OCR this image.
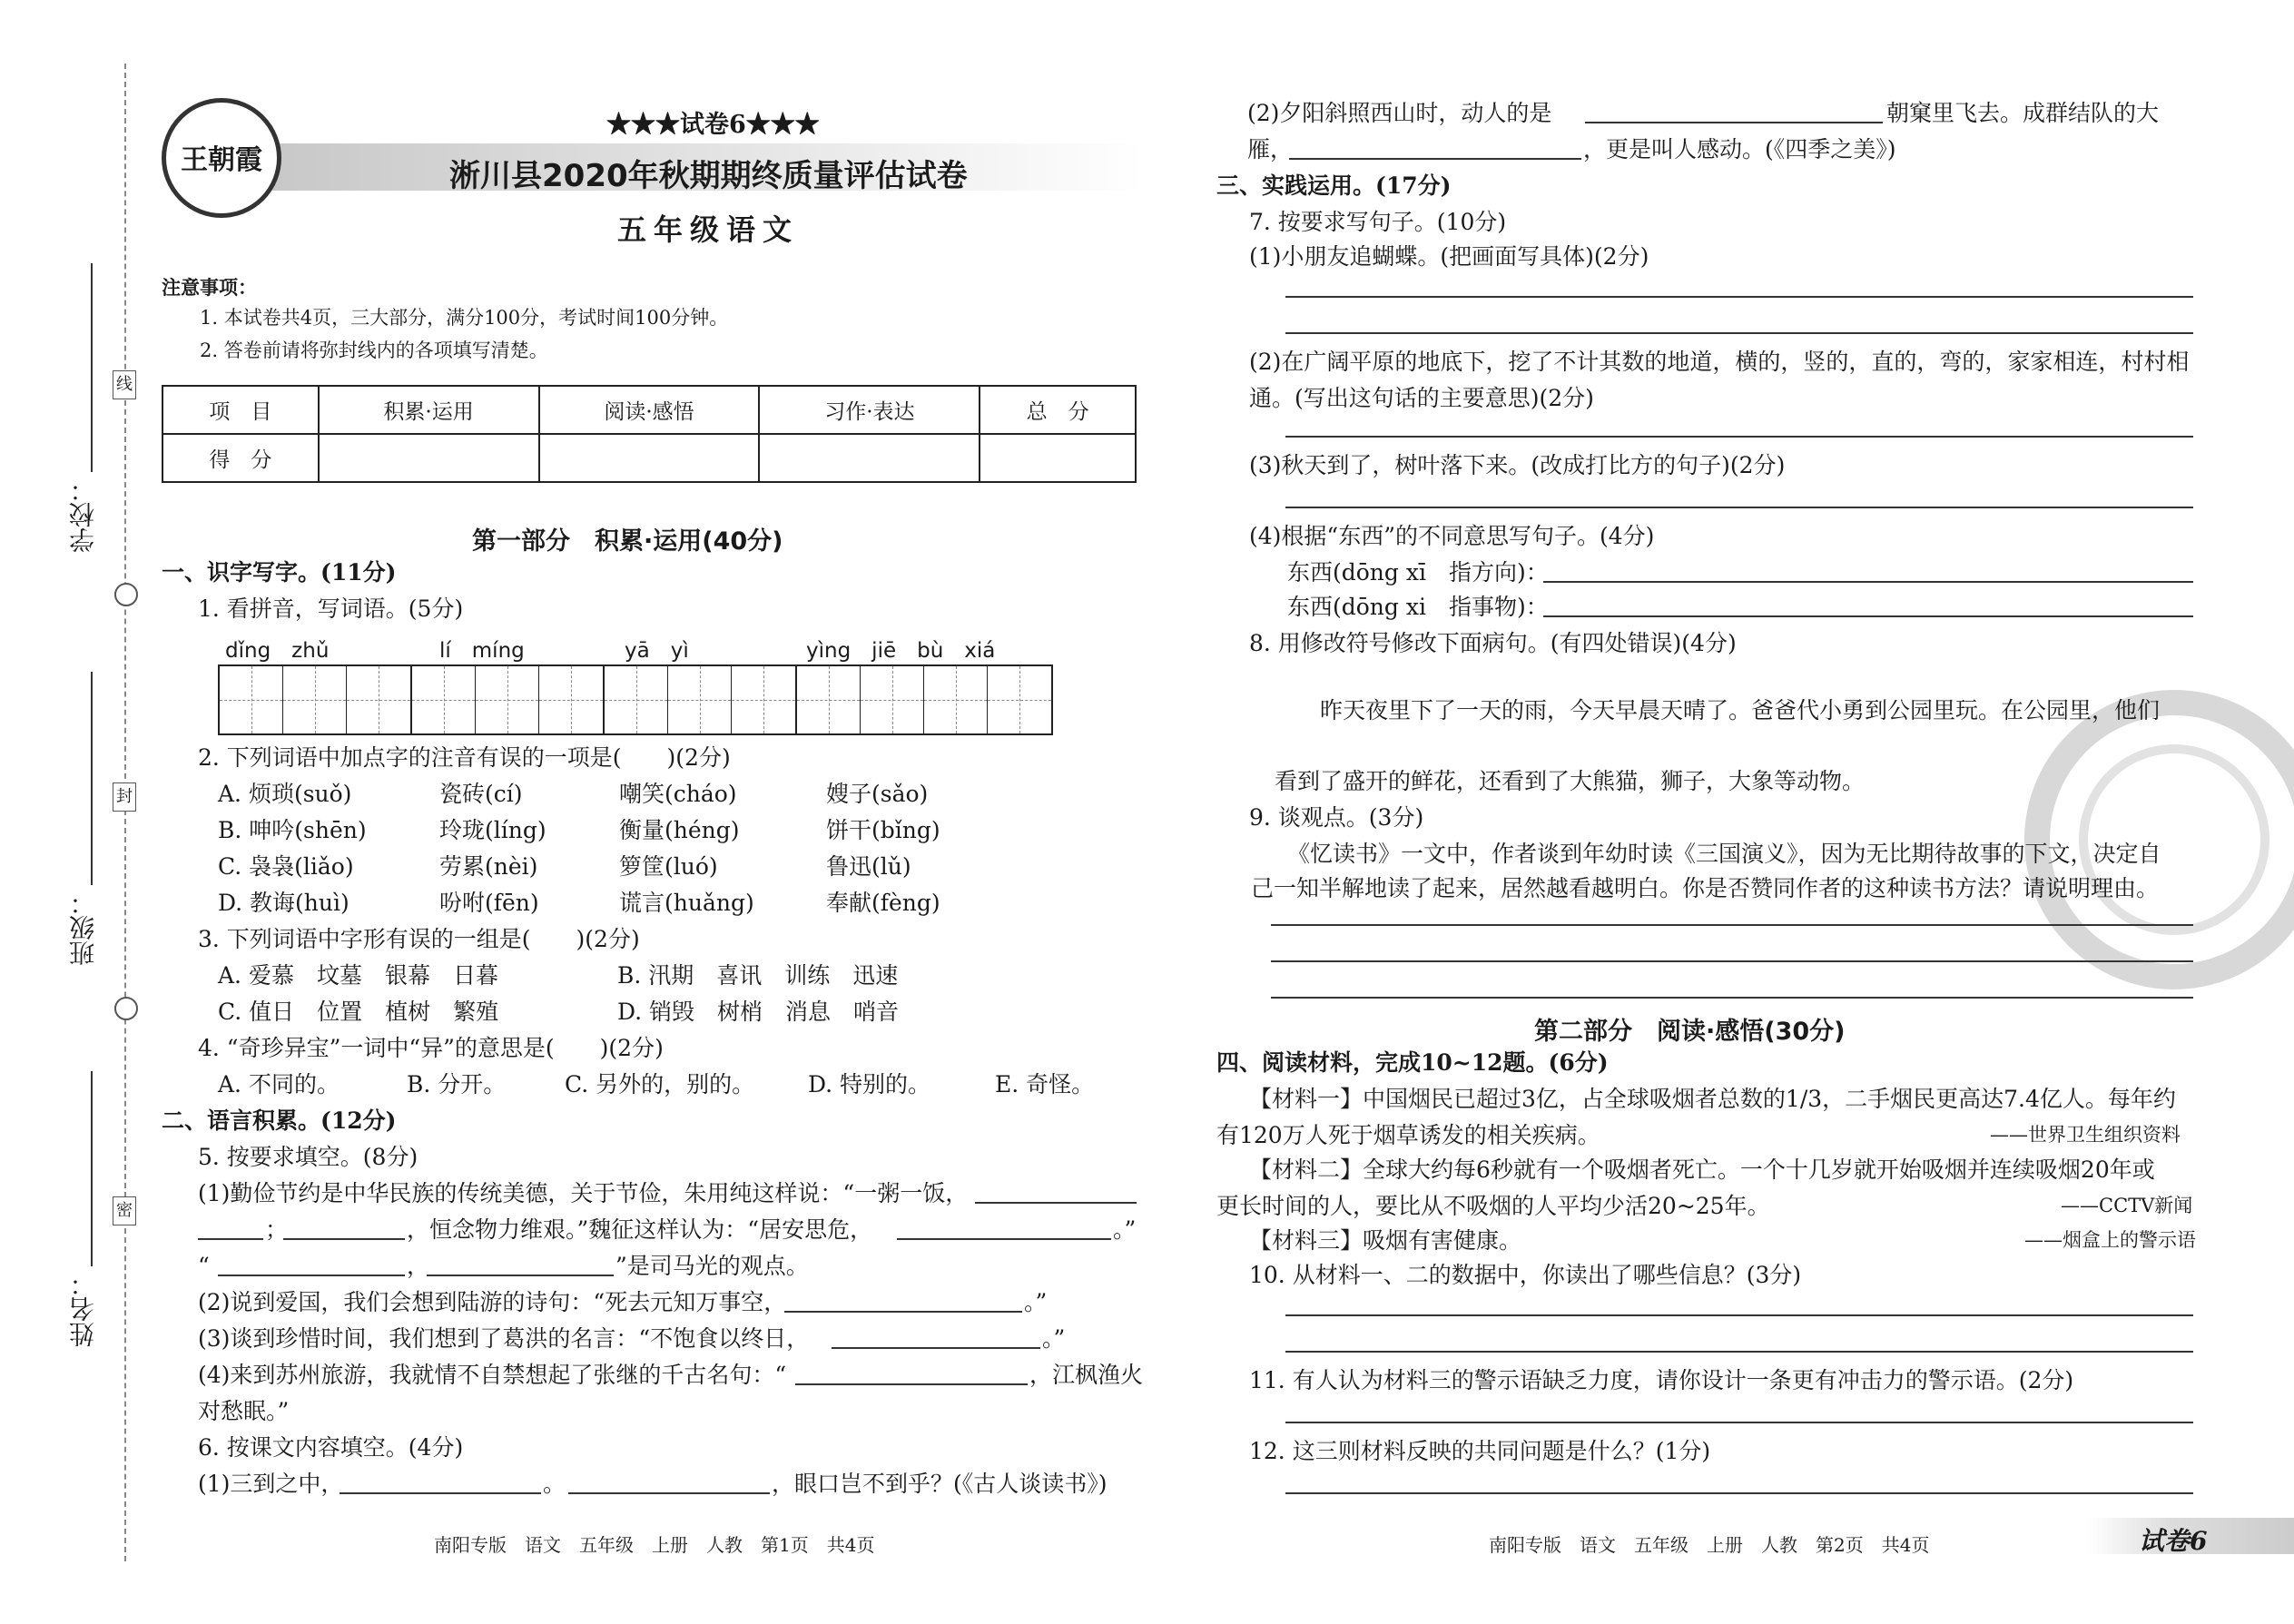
学校：
班级：
姓名：
线
封
密
王朝霞
★★★试卷6★★★
淅川县2020年秋期期终质量评估试卷
五年级语文
注意事项：
1. 本试卷共4页，三大部分，满分100分，考试时间100分钟。
2. 答卷前请将弥封线内的各项填写清楚。
项　目	积累·运用	阅读·感悟	习作·表达	总　分
得　分				
第一部分　积累·运用(40分)
一、识字写字。(11分)
1. 看拼音，写词语。(5分)
dǐng　zhǔ	lí　míng	yā　yì	yìng　jiē　bù　xiá
2. 下列词语中加点字的注音有误的一项是(　　)(2分)
A. 烦琐(suǒ)	瓷砖(cí)	嘲笑(cháo)	嫂子(sǎo)
B. 呻吟(shēn)	玲珑(líng)	衡量(héng)	饼干(bǐng)
C. 袅袅(liǎo)	劳累(nèi)	箩筐(luó)	鲁迅(lǔ)
D. 教诲(huì)	吩咐(fēn)	谎言(huǎng)	奉献(fèng)
3. 下列词语中字形有误的一组是(　　)(2分)
A. 爱慕　坟墓　银幕　日暮	B. 汛期　喜讯　训练　迅速
C. 值日　位置　植树　繁殖	D. 销毁　树梢　消息　哨音
4. “奇珍异宝”一词中“异”的意思是(　　)(2分)
A. 不同的。	B. 分开。	C. 另外的，别的。 D. 特别的。	E. 奇怪。
二、语言积累。(12分)
5. 按要求填空。(8分)
(1)勤俭节约是中华民族的传统美德，关于节俭，朱用纯这样说：“一粥一饭，
；	，恒念物力维艰。”魏征这样认为：“居安思危，	。”
“	，	”是司马光的观点。
(2)说到爱国，我们会想到陆游的诗句：“死去元知万事空，	。”
(3)谈到珍惜时间，我们想到了葛洪的名言：“不饱食以终日，	。”
(4)来到苏州旅游，我就情不自禁想起了张继的千古名句：“	，江枫渔火
对愁眠。”
6. 按课文内容填空。(4分)
(1)三到之中，	。	，眼口岂不到乎？(《古人谈读书》)
南阳专版　语文　五年级　上册　人教　第1页　共4页
(2)夕阳斜照西山时，动人的是	朝窠里飞去。成群结队的大
雁，	，更是叫人感动。(《四季之美》)
三、实践运用。(17分)
7. 按要求写句子。(10分)
(1)小朋友追蝴蝶。(把画面写具体)(2分)
(2)在广阔平原的地底下，挖了不计其数的地道，横的，竖的，直的，弯的，家家相连，村村相
通。(写出这句话的主要意思)(2分)
(3)秋天到了，树叶落下来。(改成打比方的句子)(2分)
(4)根据“东西”的不同意思写句子。(4分)
东西(dōng xī　指方向)：
东西(dōng xi　指事物)：
8. 用修改符号修改下面病句。(有四处错误)(4分)
昨天夜里下了一天的雨，今天早晨天晴了。爸爸代小勇到公园里玩。在公园里，他们
看到了盛开的鲜花，还看到了大熊猫，狮子，大象等动物。
9. 谈观点。(3分)
《忆读书》一文中，作者谈到年幼时读《三国演义》，因为无比期待故事的下文，决定自
己一知半解地读了起来，居然越看越明白。你是否赞同作者的这种读书方法？请说明理由。
第二部分　阅读·感悟(30分)
四、阅读材料，完成10~12题。(6分)
【材料一】中国烟民已超过3亿，占全球吸烟者总数的1/3，二手烟民更高达7.4亿人。每年约
有120万人死于烟草诱发的相关疾病。	——世界卫生组织资料
【材料二】全球大约每6秒就有一个吸烟者死亡。一个十几岁就开始吸烟并连续吸烟20年或
更长时间的人，要比从不吸烟的人平均少活20~25年。	——CCTV新闻
【材料三】吸烟有害健康。	——烟盒上的警示语
10. 从材料一、二的数据中，你读出了哪些信息？(3分)
11. 有人认为材料三的警示语缺乏力度，请你设计一条更有冲击力的警示语。(2分)
12. 这三则材料反映的共同问题是什么？(1分)
南阳专版　语文　五年级　上册　人教　第2页　共4页	试卷6
